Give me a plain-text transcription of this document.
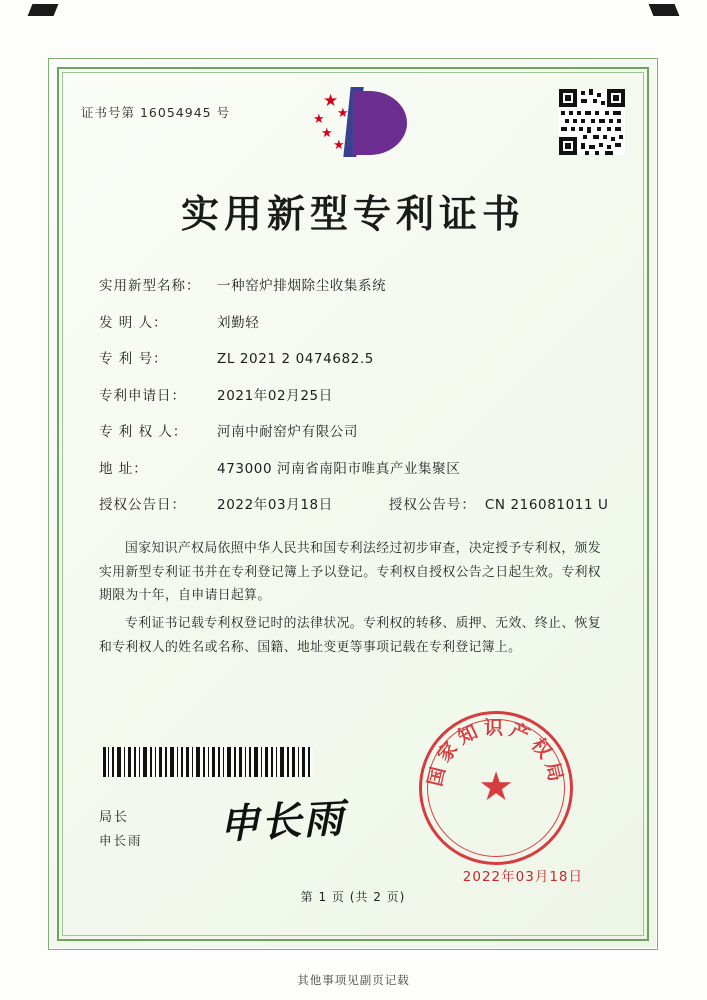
证书号第 16054945 号
★
★
★
★
★
实用新型专利证书
实用新型名称：	一种窑炉排烟除尘收集系统
发 明 人：	刘勤轻
专 利 号：	ZL 2021 2 0474682.5
专利申请日：	2021年02月25日
专 利 权 人：	河南中耐窑炉有限公司
地 址：	473000 河南省南阳市唯真产业集聚区
授权公告日：	2022年03月18日	授权公告号： CN 216081011 U
国家知识产权局依照中华人民共和国专利法经过初步审查，决定授予专利权，颁发实用新型专利证书并在专利登记簿上予以登记。专利权自授权公告之日起生效。专利权期限为十年，自申请日起算。
专利证书记载专利权登记时的法律状况。专利权的转移、质押、无效、终止、恢复和专利权人的姓名或名称、国籍、地址变更等事项记载在专利登记簿上。
局长
申长雨	申长雨
国家知识产权局
★
2022年03月18日
第 1 页 (共 2 页)
其他事项见副页记载
